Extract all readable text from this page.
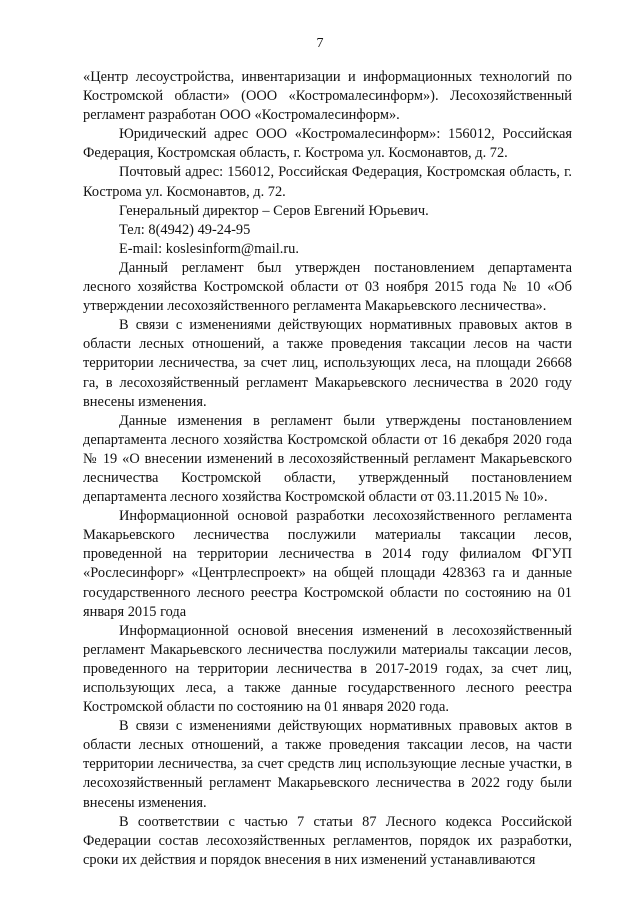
7

«Центр лесоустройства, инвентаризации и информационных технологий по Костромской области» (ООО «Костромалесинформ»). Лесохозяйственный регламент разработан ООО «Костромалесинформ».

Юридический адрес ООО «Костромалесинформ»: 156012, Российская Федерация, Костромская область, г. Кострома ул. Космонавтов, д. 72.

Почтовый адрес: 156012, Российская Федерация, Костромская область, г. Кострома ул. Космонавтов, д. 72.

Генеральный директор – Серов Евгений Юрьевич.

Тел: 8(4942) 49-24-95

E-mail: koslesinform@mail.ru.

Данный регламент был утвержден постановлением департамента лесного хозяйства Костромской области от 03 ноября 2015 года № 10 «Об утверждении лесохозяйственного регламента Макарьевского лесничества».

В связи с изменениями действующих нормативных правовых актов в области лесных отношений, а также проведения таксации лесов на части территории лесничества, за счет лиц, использующих леса, на площади 26668 га, в лесохозяйственный регламент Макарьевского лесничества в 2020 году внесены изменения.

Данные изменения в регламент были утверждены постановлением департамента лесного хозяйства Костромской области от 16 декабря 2020 года № 19 «О внесении изменений в лесохозяйственный регламент Макарьевского лесничества Костромской области, утвержденный постановлением департамента лесного хозяйства Костромской области от 03.11.2015 № 10».

Информационной основой разработки лесохозяйственного регламента Макарьевского лесничества послужили материалы таксации лесов, проведенной на территории лесничества в 2014 году филиалом ФГУП «Рослесинфорг» «Центрлеспроект» на общей площади 428363 га и данные государственного лесного реестра Костромской области по состоянию на 01 января 2015 года

Информационной основой внесения изменений в лесохозяйственный регламент Макарьевского лесничества послужили материалы таксации лесов, проведенного на территории лесничества в 2017-2019 годах, за счет лиц, использующих леса, а также данные государственного лесного реестра Костромской области по состоянию на 01 января 2020 года.

В связи с изменениями действующих нормативных правовых актов в области лесных отношений, а также проведения таксации лесов, на части территории лесничества, за счет средств лиц использующие лесные участки, в лесохозяйственный регламент Макарьевского лесничества в 2022 году были внесены изменения.

В соответствии с частью 7 статьи 87 Лесного кодекса Российской Федерации состав лесохозяйственных регламентов, порядок их разработки, сроки их действия и порядок внесения в них изменений устанавливаются
